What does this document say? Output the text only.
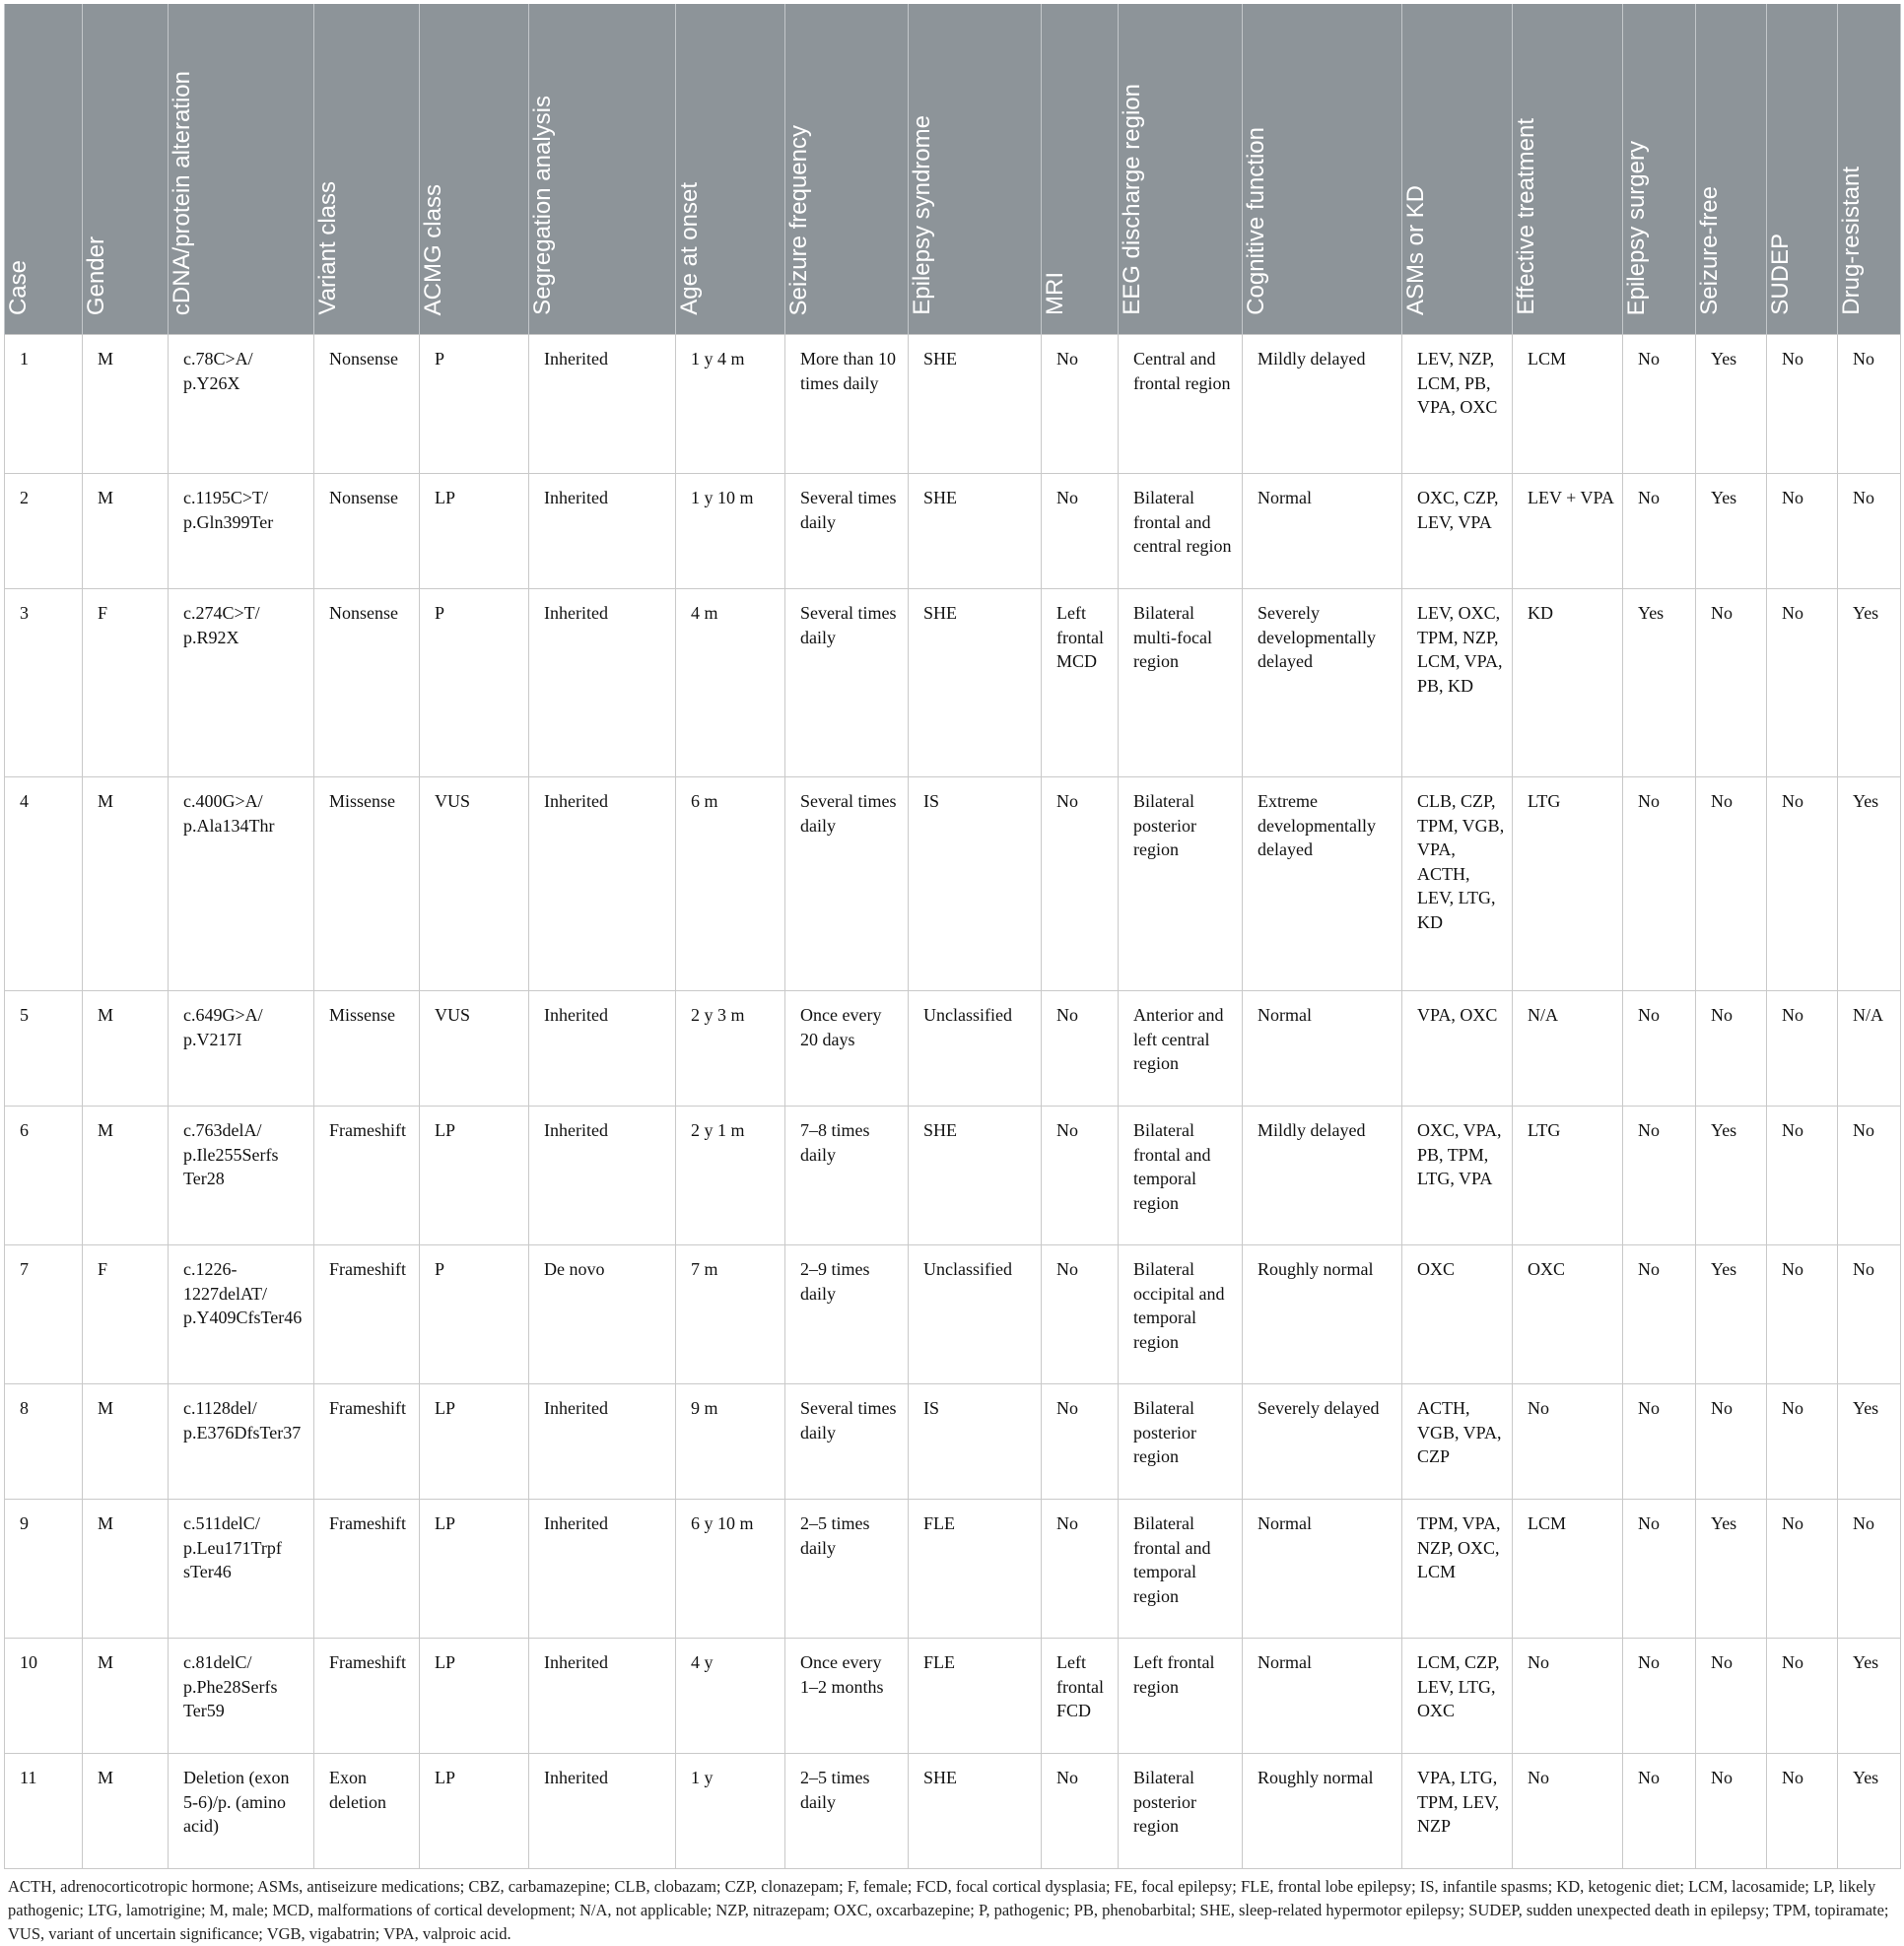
Case	Gender	cDNA/protein alteration	Variant class	ACMG class	Segregation analysis	Age at onset	Seizure frequency	Epilepsy syndrome	MRI	EEG discharge region	Cognitive function	ASMs or KD	Effective treatment	Epilepsy surgery	Seizure-free	SUDEP	Drug-resistant
1	M	c.78C>A/ p.Y26X	Nonsense	P	Inherited	1 y 4 m	More than 10 times daily	SHE	No	Central and frontal region	Mildly delayed	LEV, NZP, LCM, PB, VPA, OXC	LCM	No	Yes	No	No
2	M	c.1195C>T/ p.Gln399Ter	Nonsense	LP	Inherited	1 y 10 m	Several times daily	SHE	No	Bilateral frontal and central region	Normal	OXC, CZP, LEV, VPA	LEV + VPA	No	Yes	No	No
3	F	c.274C>T/ p.R92X	Nonsense	P	Inherited	4 m	Several times daily	SHE	Left frontal MCD	Bilateral multi-focal region	Severely developmentally delayed	LEV, OXC, TPM, NZP, LCM, VPA, PB, KD	KD	Yes	No	No	Yes
4	M	c.400G>A/ p.Ala134Thr	Missense	VUS	Inherited	6 m	Several times daily	IS	No	Bilateral posterior region	Extreme developmentally delayed	CLB, CZP, TPM, VGB, VPA, ACTH, LEV, LTG, KD	LTG	No	No	No	Yes
5	M	c.649G>A/ p.V217I	Missense	VUS	Inherited	2 y 3 m	Once every 20 days	Unclassified	No	Anterior and left central region	Normal	VPA, OXC	N/A	No	No	No	N/A
6	M	c.763delA/ p.Ile255Serfs Ter28	Frameshift	LP	Inherited	2 y 1 m	7–8 times daily	SHE	No	Bilateral frontal and temporal region	Mildly delayed	OXC, VPA, PB, TPM, LTG, VPA	LTG	No	Yes	No	No
7	F	c.1226-1227delAT/ p.Y409CfsTer46	Frameshift	P	De novo	7 m	2–9 times daily	Unclassified	No	Bilateral occipital and temporal region	Roughly normal	OXC	OXC	No	Yes	No	No
8	M	c.1128del/ p.E376DfsTer37	Frameshift	LP	Inherited	9 m	Several times daily	IS	No	Bilateral posterior region	Severely delayed	ACTH, VGB, VPA, CZP	No	No	No	No	Yes
9	M	c.511delC/ p.Leu171Trpf sTer46	Frameshift	LP	Inherited	6 y 10 m	2–5 times daily	FLE	No	Bilateral frontal and temporal region	Normal	TPM, VPA, NZP, OXC, LCM	LCM	No	Yes	No	No
10	M	c.81delC/ p.Phe28Serfs Ter59	Frameshift	LP	Inherited	4 y	Once every 1–2 months	FLE	Left frontal FCD	Left frontal region	Normal	LCM, CZP, LEV, LTG, OXC	No	No	No	No	Yes
11	M	Deletion (exon 5-6)/p. (amino acid)	Exon deletion	LP	Inherited	1 y	2–5 times daily	SHE	No	Bilateral posterior region	Roughly normal	VPA, LTG, TPM, LEV, NZP	No	No	No	No	Yes
ACTH, adrenocorticotropic hormone; ASMs, antiseizure medications; CBZ, carbamazepine; CLB, clobazam; CZP, clonazepam; F, female; FCD, focal cortical dysplasia; FE, focal epilepsy; FLE, frontal lobe epilepsy; IS, infantile spasms; KD, ketogenic diet; LCM, lacosamide; LP, likely pathogenic; LTG, lamotrigine; M, male; MCD, malformations of cortical development; N/A, not applicable; NZP, nitrazepam; OXC, oxcarbazepine; P, pathogenic; PB, phenobarbital; SHE, sleep-related hypermotor epilepsy; SUDEP, sudden unexpected death in epilepsy; TPM, topiramate; VUS, variant of uncertain significance; VGB, vigabatrin; VPA, valproic acid.
